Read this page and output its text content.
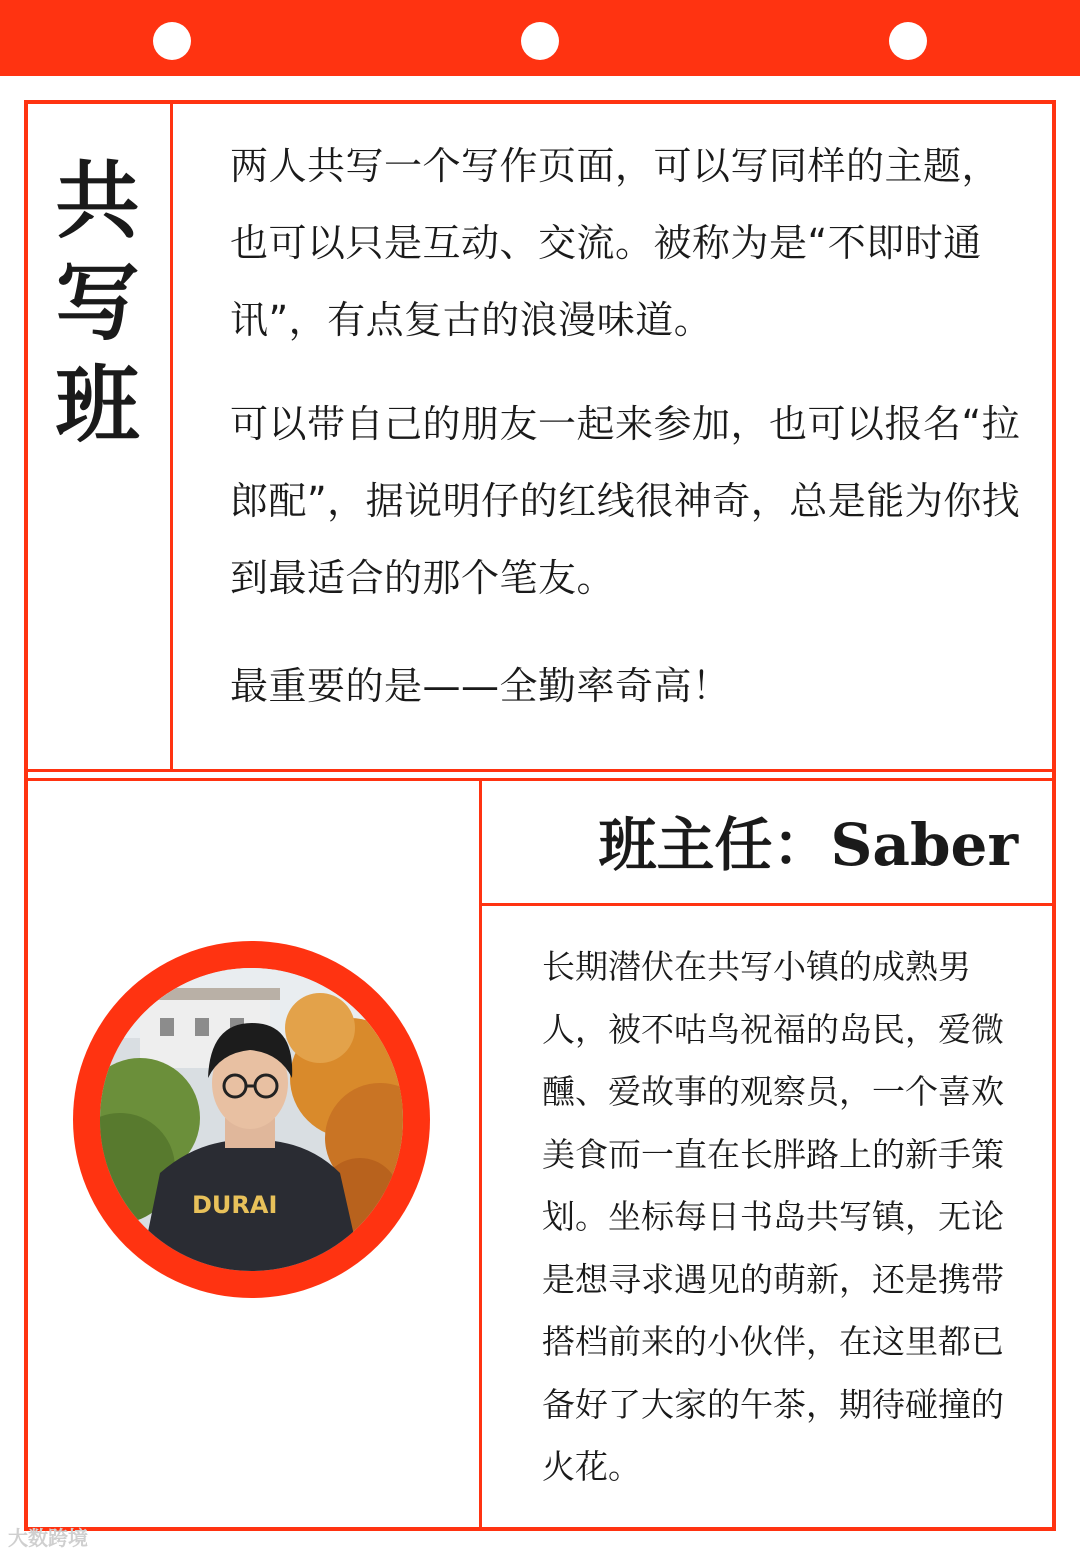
共
写
班

两人共写一个写作页面，可以写同样的主题，也可以只是互动、交流。被称为是“不即时通讯”，有点复古的浪漫味道。

可以带自己的朋友一起来参加，也可以报名“拉郎配”，据说明仔的红线很神奇，总是能为你找到最适合的那个笔友。

最重要的是——全勤率奇高！

班主任：Saber

长期潜伏在共写小镇的成熟男人，被不咕鸟祝福的岛民，爱微醺、爱故事的观察员，一个喜欢美食而一直在长胖路上的新手策划。坐标每日书岛共写镇，无论是想寻求遇见的萌新，还是携带搭档前来的小伙伴，在这里都已备好了大家的午茶，期待碰撞的火花。

DURAI
大数跨境
